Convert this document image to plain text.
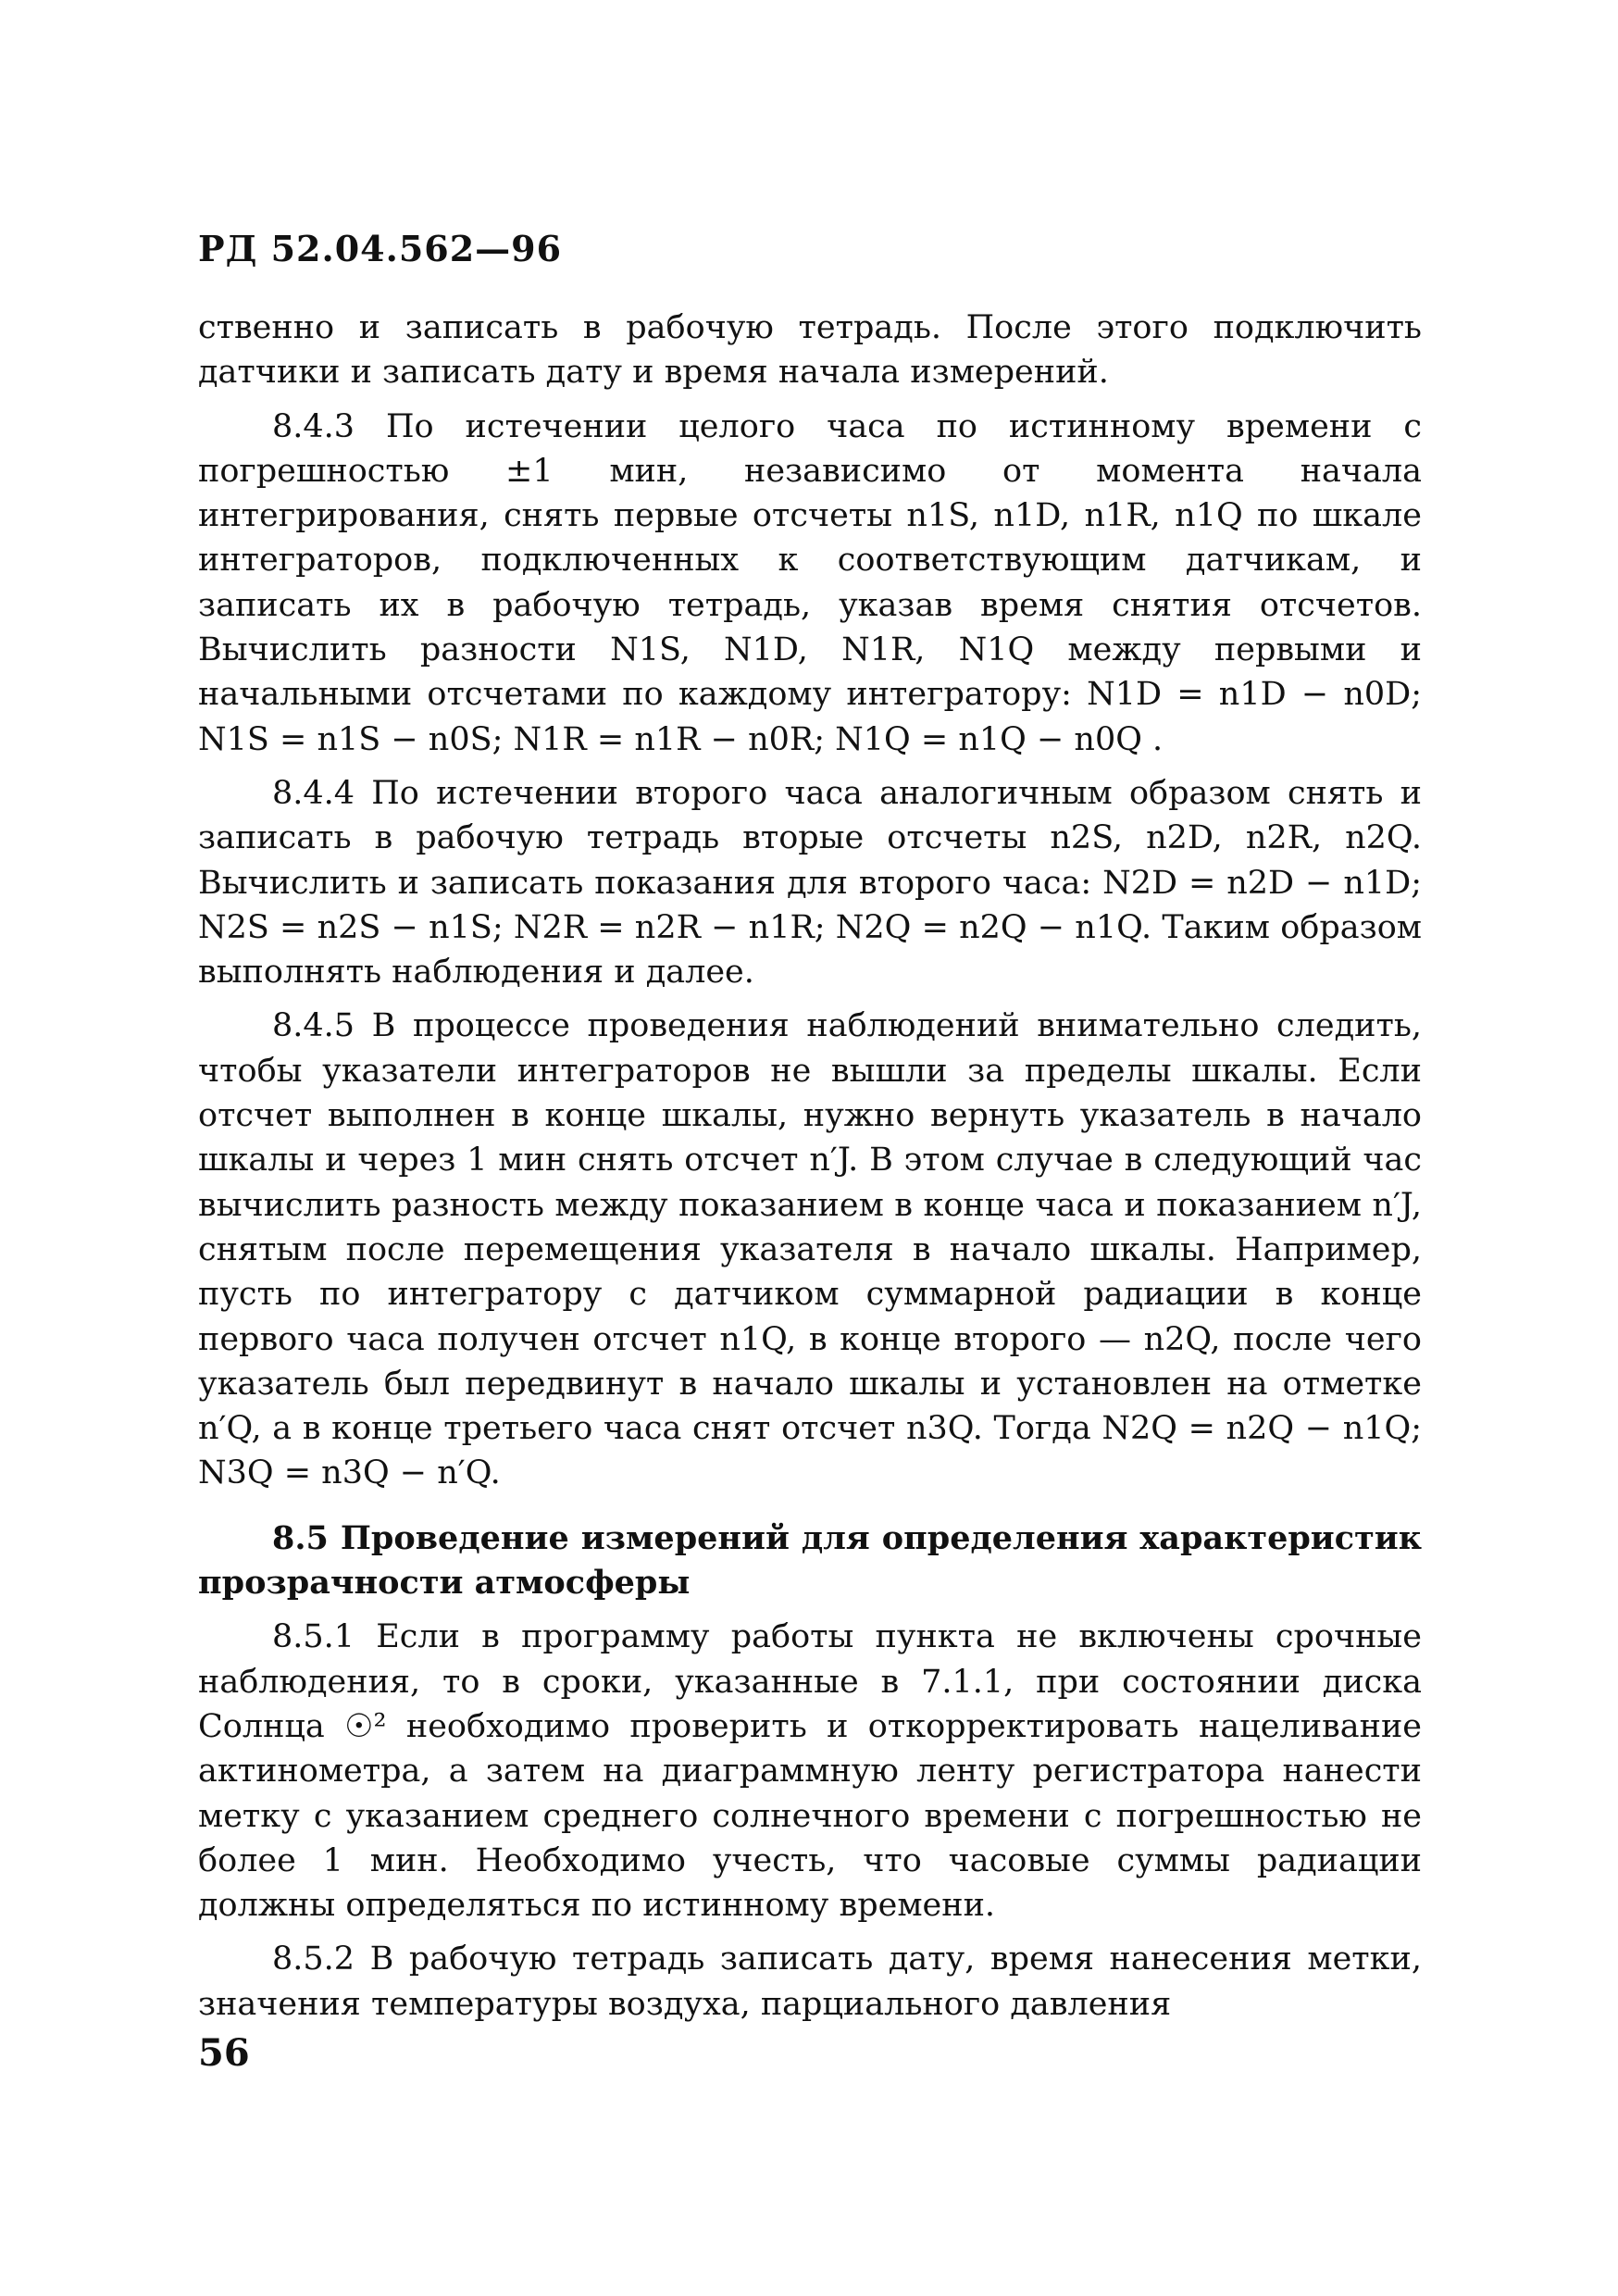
РД 52.04.562—96

ственно и записать в рабочую тетрадь. После этого подключить датчики и записать дату и время начала измерений.

8.4.3 По истечении целого часа по истинному времени с погрешностью ±1 мин, независимо от момента начала интегрирования, снять первые отсчеты n1S, n1D, n1R, n1Q по шкале интеграторов, подключенных к соответствующим датчикам, и записать их в рабочую тетрадь, указав время снятия отсчетов. Вычислить разности N1S, N1D, N1R, N1Q между первыми и начальными отсчетами по каждому интегратору: N1D = n1D − n0D; N1S = n1S − n0S; N1R = n1R − n0R; N1Q = n1Q − n0Q .

8.4.4 По истечении второго часа аналогичным образом снять и записать в рабочую тетрадь вторые отсчеты n2S, n2D, n2R, n2Q. Вычислить и записать показания для второго часа: N2D = n2D − n1D; N2S = n2S − n1S; N2R = n2R − n1R; N2Q = n2Q − n1Q. Таким образом выполнять наблюдения и далее.

8.4.5 В процессе проведения наблюдений внимательно следить, чтобы указатели интеграторов не вышли за пределы шкалы. Если отсчет выполнен в конце шкалы, нужно вернуть указатель в начало шкалы и через 1 мин снять отсчет n′J. В этом случае в следующий час вычислить разность между показанием в конце часа и показанием n′J, снятым после перемещения указателя в начало шкалы. Например, пусть по интегратору с датчиком суммарной радиации в конце первого часа получен отсчет n1Q, в конце второго — n2Q, после чего указатель был передвинут в начало шкалы и установлен на отметке n′Q, а в конце третьего часа снят отсчет n3Q. Тогда N2Q = n2Q − n1Q; N3Q = n3Q − n′Q.

8.5 Проведение измерений для определения характеристик прозрачности атмосферы

8.5.1 Если в программу работы пункта не включены срочные наблюдения, то в сроки, указанные в 7.1.1, при состоянии диска Солнца ☉² необходимо проверить и откорректировать нацеливание актинометра, а затем на диаграммную ленту регистратора нанести метку с указанием среднего солнечного времени с погрешностью не более 1 мин. Необходимо учесть, что часовые суммы радиации должны определяться по истинному времени.

8.5.2 В рабочую тетрадь записать дату, время нанесения метки, значения температуры воздуха, парциального давления

56
